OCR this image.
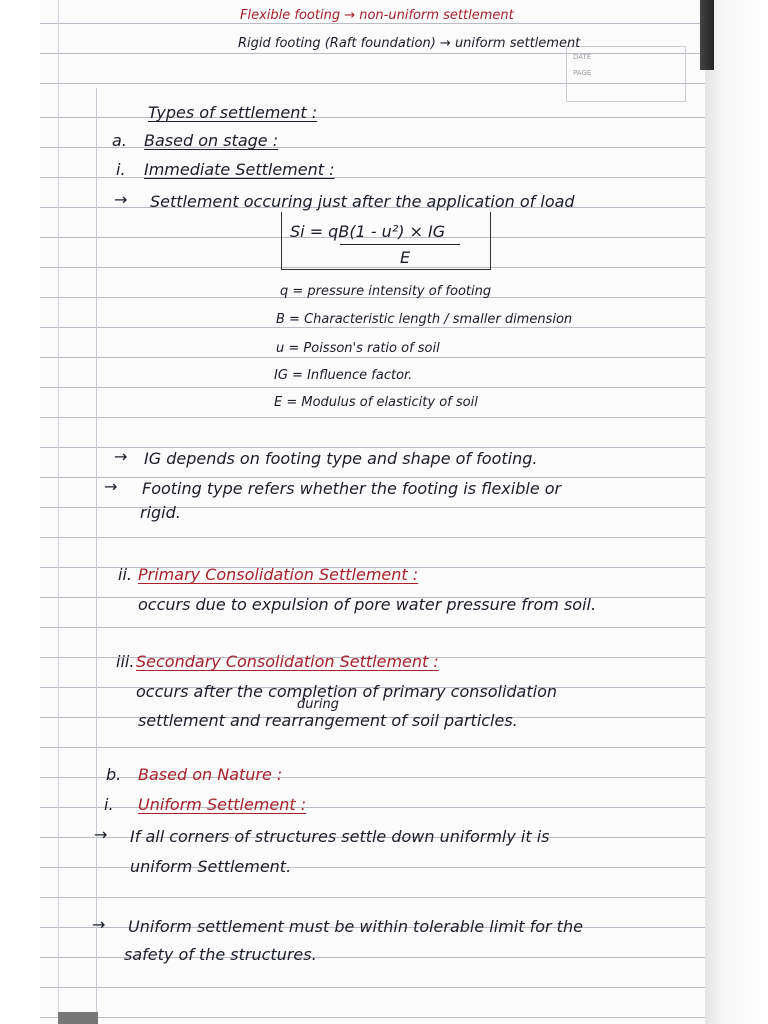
DATE
PAGE
Flexible footing → non-uniform settlement
Rigid footing (Raft foundation) → uniform settlement
Types of settlement :
a. Based on stage :
i. Immediate Settlement :
→ Settlement occuring just after the application of load
Si = qB(1 - u²) × IG
E
q = pressure intensity of footing
B = Characteristic length / smaller dimension
u = Poisson's ratio of soil
IG = Influence factor.
E = Modulus of elasticity of soil
→ IG depends on footing type and shape of footing.
→ Footing type refers whether the footing is flexible or
rigid.
ii. Primary Consolidation Settlement :
occurs due to expulsion of pore water pressure from soil.
iii. Secondary Consolidation Settlement :
occurs after the completion of primary consolidation
during
settlement and rearrangement of soil particles.
b. Based on Nature :
i. Uniform Settlement :
→ If all corners of structures settle down uniformly it is
uniform Settlement.
→ Uniform settlement must be within tolerable limit for the
safety of the structures.
